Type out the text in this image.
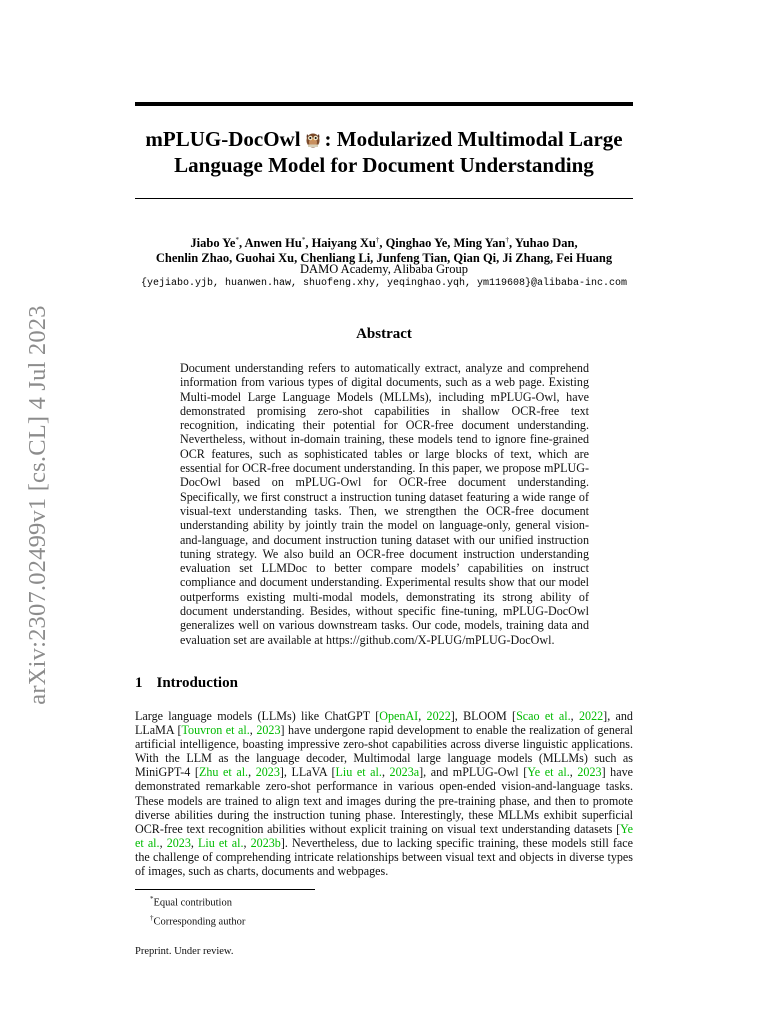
arXiv:2307.02499v1 [cs.CL] 4 Jul 2023
mPLUG-DocOwl : Modularized Multimodal Large
Language Model for Document Understanding
Jiabo Ye*, Anwen Hu*, Haiyang Xu†, Qinghao Ye, Ming Yan†, Yuhao Dan,
Chenlin Zhao, Guohai Xu, Chenliang Li, Junfeng Tian, Qian Qi, Ji Zhang, Fei Huang
DAMO Academy, Alibaba Group
{yejiabo.yjb, huanwen.haw, shuofeng.xhy, yeqinghao.yqh, ym119608}@alibaba-inc.com
Abstract
Document understanding refers to automatically extract, analyze and comprehend information from various types of digital documents, such as a web page. Existing Multi-model Large Language Models (MLLMs), including mPLUG-Owl, have demonstrated promising zero-shot capabilities in shallow OCR-free text recognition, indicating their potential for OCR-free document understanding. Nevertheless, without in-domain training, these models tend to ignore fine-grained OCR features, such as sophisticated tables or large blocks of text, which are essential for OCR-free document understanding. In this paper, we propose mPLUG-DocOwl based on mPLUG-Owl for OCR-free document understanding. Specifically, we first construct a instruction tuning dataset featuring a wide range of visual-text understanding tasks. Then, we strengthen the OCR-free document understanding ability by jointly train the model on language-only, general vision-and-language, and document instruction tuning dataset with our unified instruction tuning strategy. We also build an OCR-free document instruction understanding evaluation set LLMDoc to better compare models’ capabilities on instruct compliance and document understanding. Experimental results show that our model outperforms existing multi-modal models, demonstrating its strong ability of document understanding. Besides, without specific fine-tuning, mPLUG-DocOwl generalizes well on various downstream tasks. Our code, models, training data and evaluation set are available at https://github.com/X-PLUG/mPLUG-DocOwl.
1 Introduction
Large language models (LLMs) like ChatGPT [OpenAI, 2022], BLOOM [Scao et al., 2022], and LLaMA [Touvron et al., 2023] have undergone rapid development to enable the realization of general artificial intelligence, boasting impressive zero-shot capabilities across diverse linguistic applications. With the LLM as the language decoder, Multimodal large language models (MLLMs) such as MiniGPT-4 [Zhu et al., 2023], LLaVA [Liu et al., 2023a], and mPLUG-Owl [Ye et al., 2023] have demonstrated remarkable zero-shot performance in various open-ended vision-and-language tasks. These models are trained to align text and images during the pre-training phase, and then to promote diverse abilities during the instruction tuning phase. Interestingly, these MLLMs exhibit superficial OCR-free text recognition abilities without explicit training on visual text understanding datasets [Ye et al., 2023, Liu et al., 2023b]. Nevertheless, due to lacking specific training, these models still face the challenge of comprehending intricate relationships between visual text and objects in diverse types of images, such as charts, documents and webpages.
*Equal contribution
†Corresponding author
Preprint. Under review.
